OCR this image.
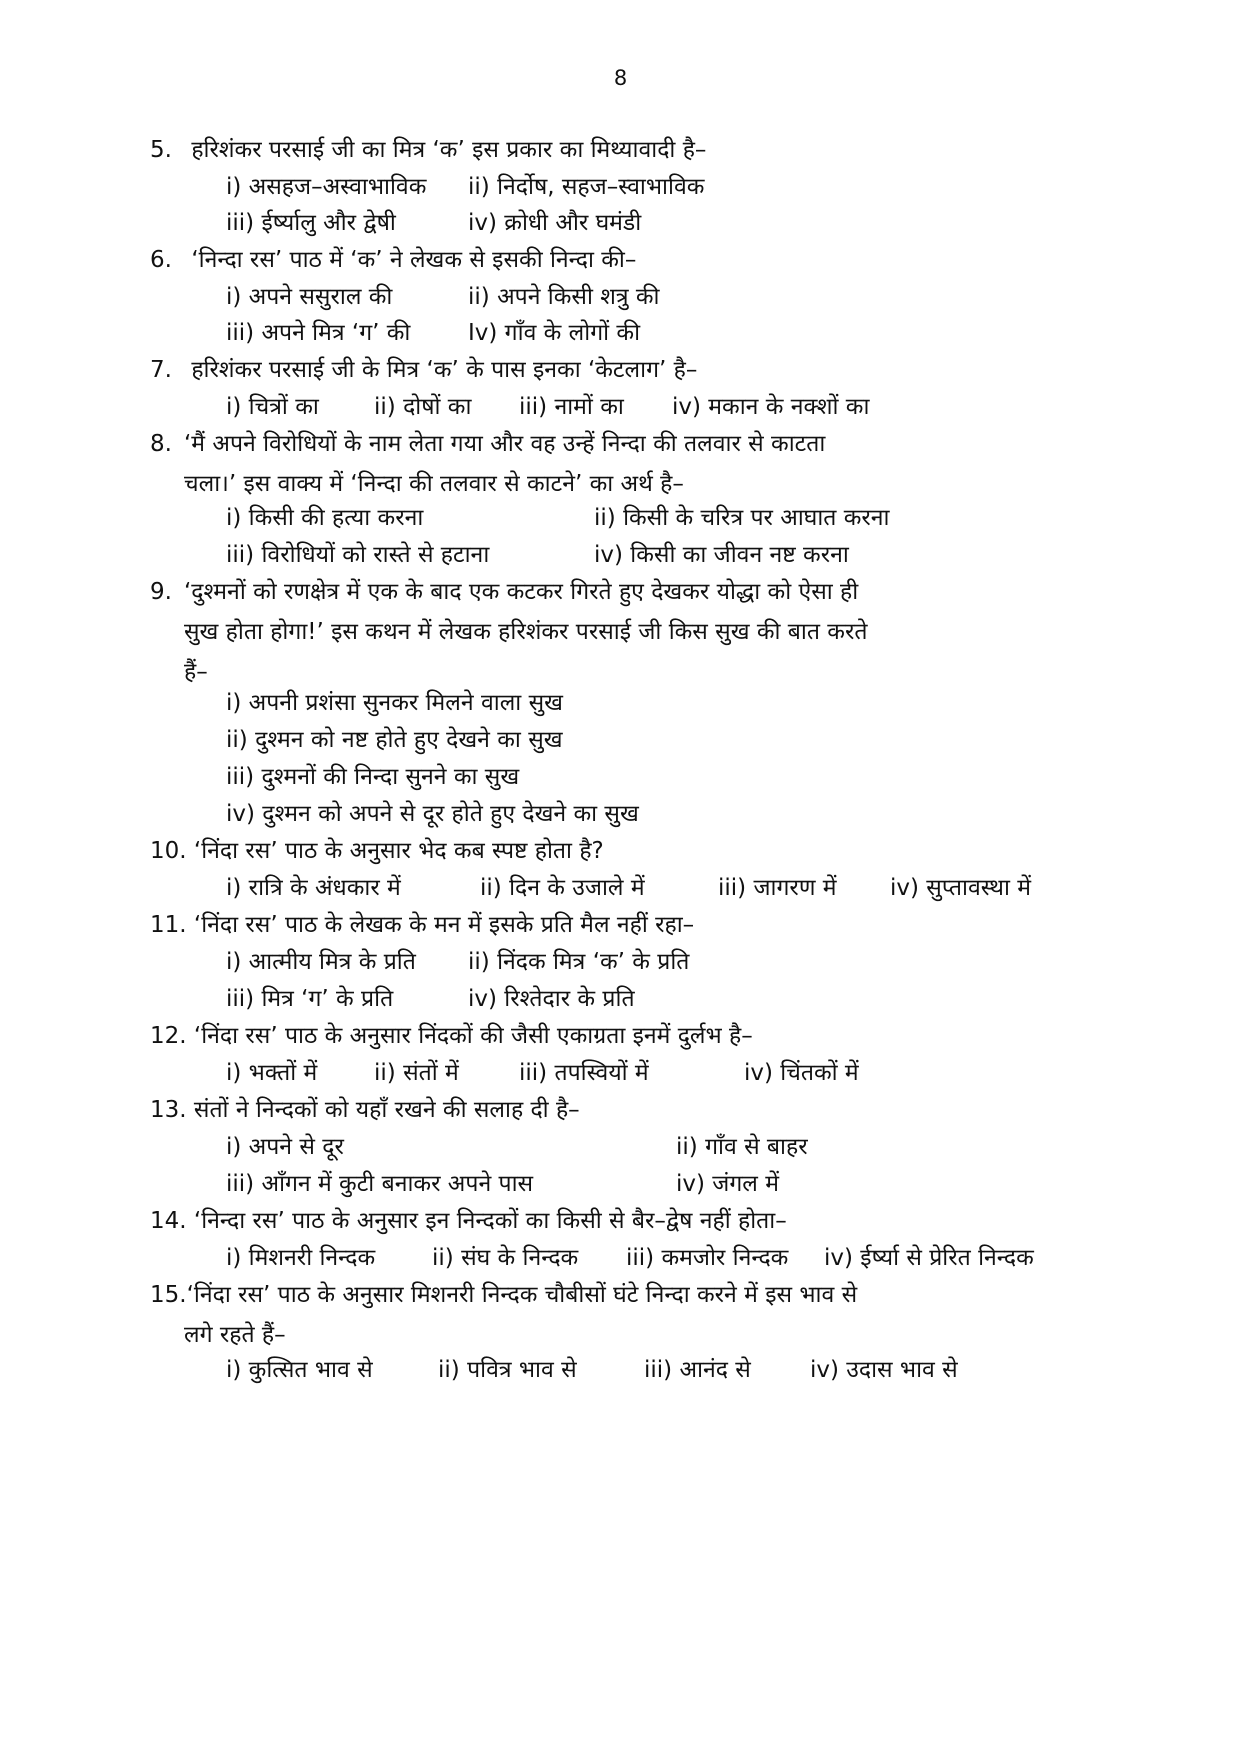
8
5. हरिशंकर परसाई जी का मित्र ‘क’ इस प्रकार का मिथ्यावादी है–
i) असहज–अस्वाभाविक ii) निर्दोष, सहज–स्वाभाविक
iii) ईर्ष्यालु और द्वेषी	iv) क्रोधी और घमंडी
6. ‘निन्दा रस’ पाठ में ‘क’ ने लेखक से इसकी निन्दा की–
i) अपने ससुराल की	ii) अपने किसी शत्रु की
iii) अपने मित्र ‘ग’ की	Iv) गाँव के लोगों की
7. हरिशंकर परसाई जी के मित्र ‘क’ के पास इनका ‘केटलाग’ है–
i) चित्रों का ii) दोषों का iii) नामों का iv) मकान के नक्शों का
8. ‘मैं अपने विरोधियों के नाम लेता गया और वह उन्हें निन्दा की तलवार से काटता
चला।’ इस वाक्य में ‘निन्दा की तलवार से काटने’ का अर्थ है–
i) किसी की हत्या करना	ii) किसी के चरित्र पर आघात करना
iii) विरोधियों को रास्ते से हटाना	iv) किसी का जीवन नष्ट करना
9. ‘दुश्मनों को रणक्षेत्र में एक के बाद एक कटकर गिरते हुए देखकर योद्धा को ऐसा ही
सुख होता होगा!’ इस कथन में लेखक हरिशंकर परसाई जी किस सुख की बात करते
हैं–
i) अपनी प्रशंसा सुनकर मिलने वाला सुख
ii) दुश्मन को नष्ट होते हुए देखने का सुख
iii) दुश्मनों की निन्दा सुनने का सुख
iv) दुश्मन को अपने से दूर होते हुए देखने का सुख
10. ‘निंदा रस’ पाठ के अनुसार भेद कब स्पष्ट होता है?
i) रात्रि के अंधकार में	ii) दिन के उजाले में	iii) जागरण में iv) सुप्तावस्था में
11. ‘निंदा रस’ पाठ के लेखक के मन में इसके प्रति मैल नहीं रहा–
i) आत्मीय मित्र के प्रति ii) निंदक मित्र ‘क’ के प्रति
iii) मित्र ‘ग’ के प्रति	iv) रिश्तेदार के प्रति
12. ‘निंदा रस’ पाठ के अनुसार निंदकों की जैसी एकाग्रता इनमें दुर्लभ है–
i) भक्तों में ii) संतों में	iii) तपस्वियों में	iv) चिंतकों में
13. संतों ने निन्दकों को यहाँ रखने की सलाह दी है–
i) अपने से दूर	ii) गाँव से बाहर
iii) आँगन में कुटी बनाकर अपने पास	iv) जंगल में
14. ‘निन्दा रस’ पाठ के अनुसार इन निन्दकों का किसी से बैर–द्वेष नहीं होता–
i) मिशनरी निन्दक ii) संघ के निन्दक iii) कमजोर निन्दक iv) ईर्ष्या से प्रेरित निन्दक
15.‘निंदा रस’ पाठ के अनुसार मिशनरी निन्दक चौबीसों घंटे निन्दा करने में इस भाव से
लगे रहते हैं–
i) कुत्सित भाव से	ii) पवित्र भाव से	iii) आनंद से	iv) उदास भाव से
